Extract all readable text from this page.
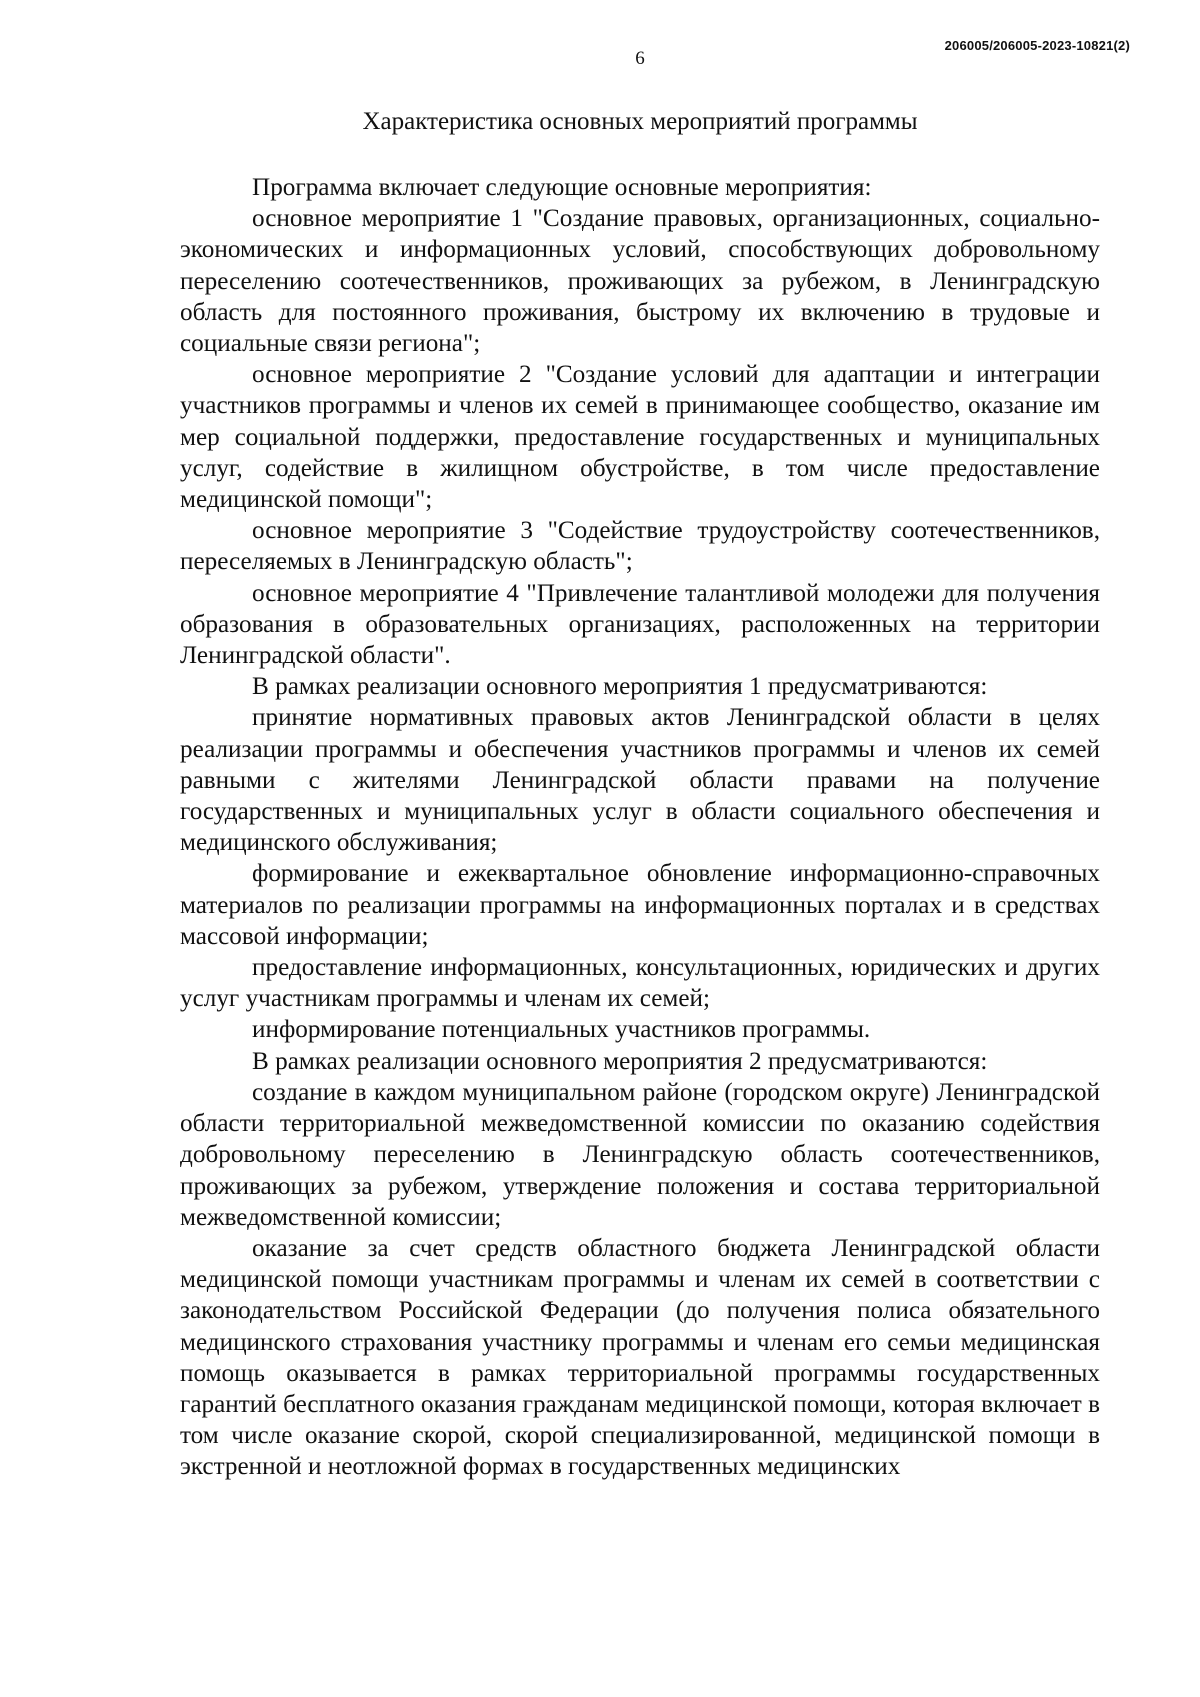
206005/206005-2023-10821(2)
6
Характеристика основных мероприятий программы

Программа включает следующие основные мероприятия:

основное мероприятие 1 "Создание правовых, организационных, социально-экономических и информационных условий, способствующих добровольному переселению соотечественников, проживающих за рубежом, в Ленинградскую область для постоянного проживания, быстрому их включению в трудовые и социальные связи региона";

основное мероприятие 2 "Создание условий для адаптации и интеграции участников программы и членов их семей в принимающее сообщество, оказание им мер социальной поддержки, предоставление государственных и муниципальных услуг, содействие в жилищном обустройстве, в том числе предоставление медицинской помощи";

основное мероприятие 3 "Содействие трудоустройству соотечественников, переселяемых в Ленинградскую область";

основное мероприятие 4 "Привлечение талантливой молодежи для получения образования в образовательных организациях, расположенных на территории Ленинградской области".

В рамках реализации основного мероприятия 1 предусматриваются:

принятие нормативных правовых актов Ленинградской области в целях реализации программы и обеспечения участников программы и членов их семей равными с жителями Ленинградской области правами на получение государственных и муниципальных услуг в области социального обеспечения и медицинского обслуживания;

формирование и ежеквартальное обновление информационно-справочных материалов по реализации программы на информационных порталах и в средствах массовой информации;

предоставление информационных, консультационных, юридических и других услуг участникам программы и членам их семей;

информирование потенциальных участников программы.

В рамках реализации основного мероприятия 2 предусматриваются:

создание в каждом муниципальном районе (городском округе) Ленинградской области территориальной межведомственной комиссии по оказанию содействия добровольному переселению в Ленинградскую область соотечественников, проживающих за рубежом, утверждение положения и состава территориальной межведомственной комиссии;

оказание за счет средств областного бюджета Ленинградской области медицинской помощи участникам программы и членам их семей в соответствии с законодательством Российской Федерации (до получения полиса обязательного медицинского страхования участнику программы и членам его семьи медицинская помощь оказывается в рамках территориальной программы государственных гарантий бесплатного оказания гражданам медицинской помощи, которая включает в том числе оказание скорой, скорой специализированной, медицинской помощи в экстренной и неотложной формах в государственных медицинских
